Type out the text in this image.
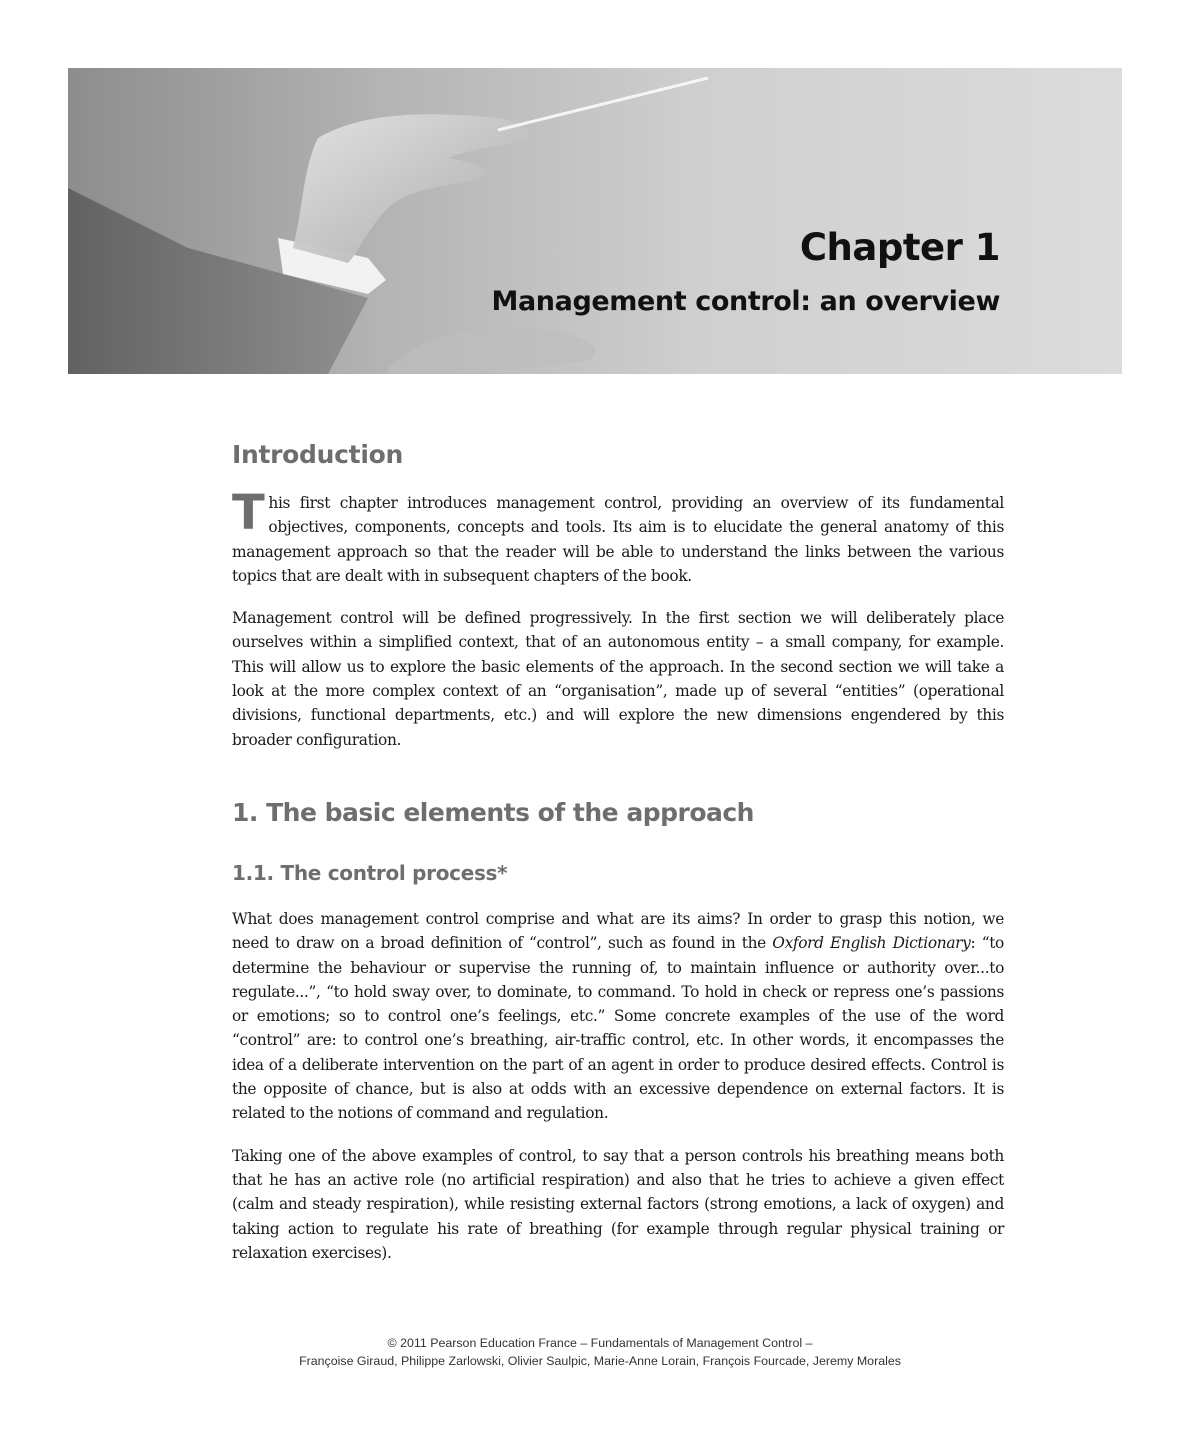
Chapter 1
Management control: an overview
Introduction

This first chapter introduces management control, providing an overview of its fundamental objectives, components, concepts and tools. Its aim is to elucidate the general anatomy of this management approach so that the reader will be able to understand the links between the various topics that are dealt with in subsequent chapters of the book.

Management control will be defined progressively. In the first section we will deliberately place ourselves within a simplified context, that of an autonomous entity – a small company, for example. This will allow us to explore the basic elements of the approach. In the second section we will take a look at the more complex context of an “organisation”, made up of several “entities” (operational divisions, functional departments, etc.) and will explore the new dimensions engendered by this broader configuration.

1. The basic elements of the approach
1.1. The control process*

What does management control comprise and what are its aims? In order to grasp this notion, we need to draw on a broad definition of “control”, such as found in the Oxford English Dictionary: “to determine the behaviour or supervise the running of, to maintain influence or authority over...to regulate...”, “to hold sway over, to dominate, to command. To hold in check or repress one’s passions or emotions; so to control one’s feelings, etc.” Some concrete examples of the use of the word “control” are: to control one’s breathing, air-traffic control, etc. In other words, it encompasses the idea of a deliberate intervention on the part of an agent in order to produce desired effects. Control is the opposite of chance, but is also at odds with an excessive dependence on external factors. It is related to the notions of command and regulation.

Taking one of the above examples of control, to say that a person controls his breathing means both that he has an active role (no artificial respiration) and also that he tries to achieve a given effect (calm and steady respiration), while resisting external factors (strong emotions, a lack of oxygen) and taking action to regulate his rate of breathing (for example through regular physical training or relaxation exercises).

© 2011 Pearson Education France – Fundamentals of Management Control –
Françoise Giraud, Philippe Zarlowski, Olivier Saulpic, Marie-Anne Lorain, François Fourcade, Jeremy Morales
